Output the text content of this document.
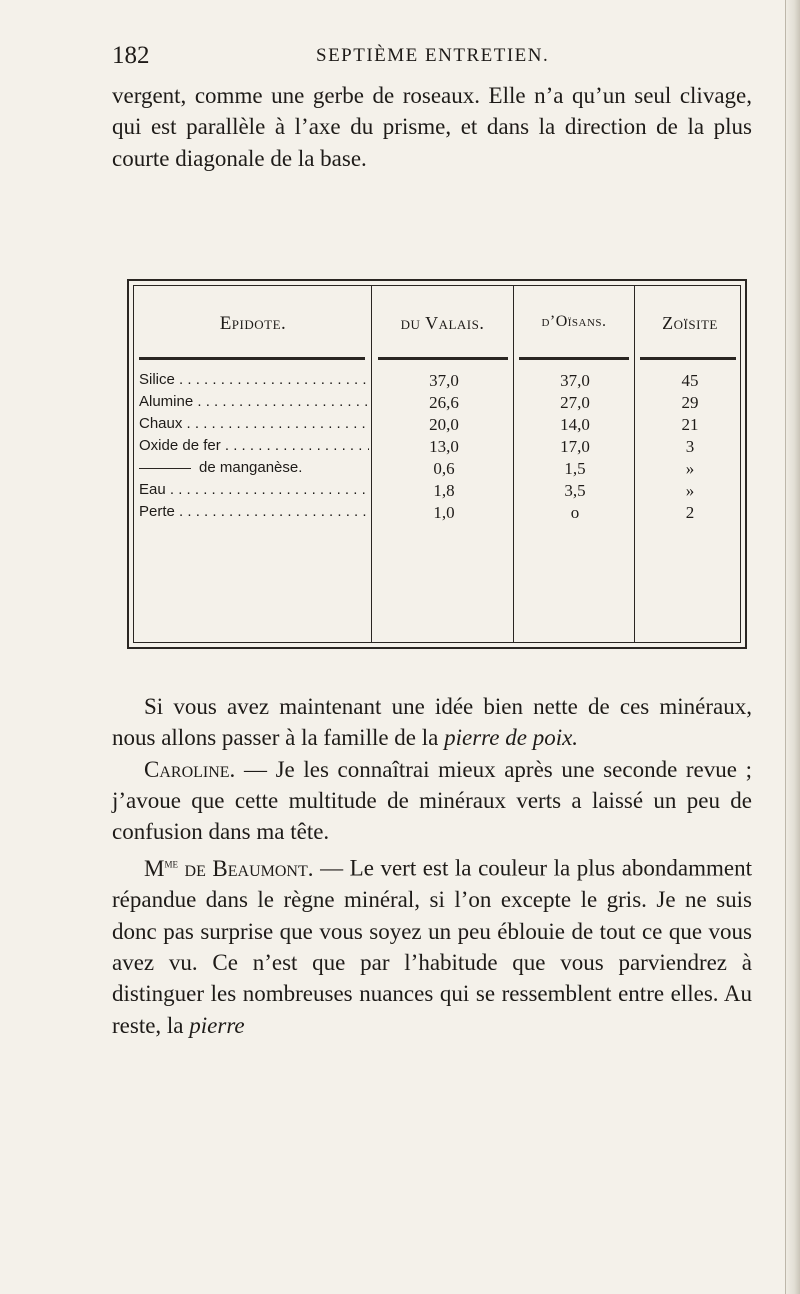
182	SEPTIÈME ENTRETIEN.

vergent, comme une gerbe de roseaux. Elle n’a qu’un seul clivage, qui est parallèle à l’axe du prisme, et dans la direction de la plus courte diagonale de la base.

Epidote.	du Valais.	d’Oïsans.	Zoïsite
Silice . . .	37,0	37,0	45
Alumine . . .	26,6	27,0	29
Chaux . . .	20,0	14,0	21
Oxide de fer . . .	13,0	17,0	3
de manganèse.	0,6	1,5	»
Eau . . .	1,8	3,5	»
Perte . . .	1,0	o	2

Si vous avez maintenant une idée bien nette de ces minéraux, nous allons passer à la famille de la pierre de poix.

Caroline. — Je les connaîtrai mieux après une seconde revue ; j’avoue que cette multitude de minéraux verts a laissé un peu de confusion dans ma tête.

$M^{me}$ de Beaumont. — Le vert est la couleur la plus abondamment répandue dans le règne minéral, si l’on excepte le gris. Je ne suis donc pas surprise que vous soyez un peu éblouie de tout ce que vous avez vu. Ce n’est que par l’habitude que vous parviendrez à distinguer les nombreuses nuances qui se ressemblent entre elles. Au reste, la pierre
